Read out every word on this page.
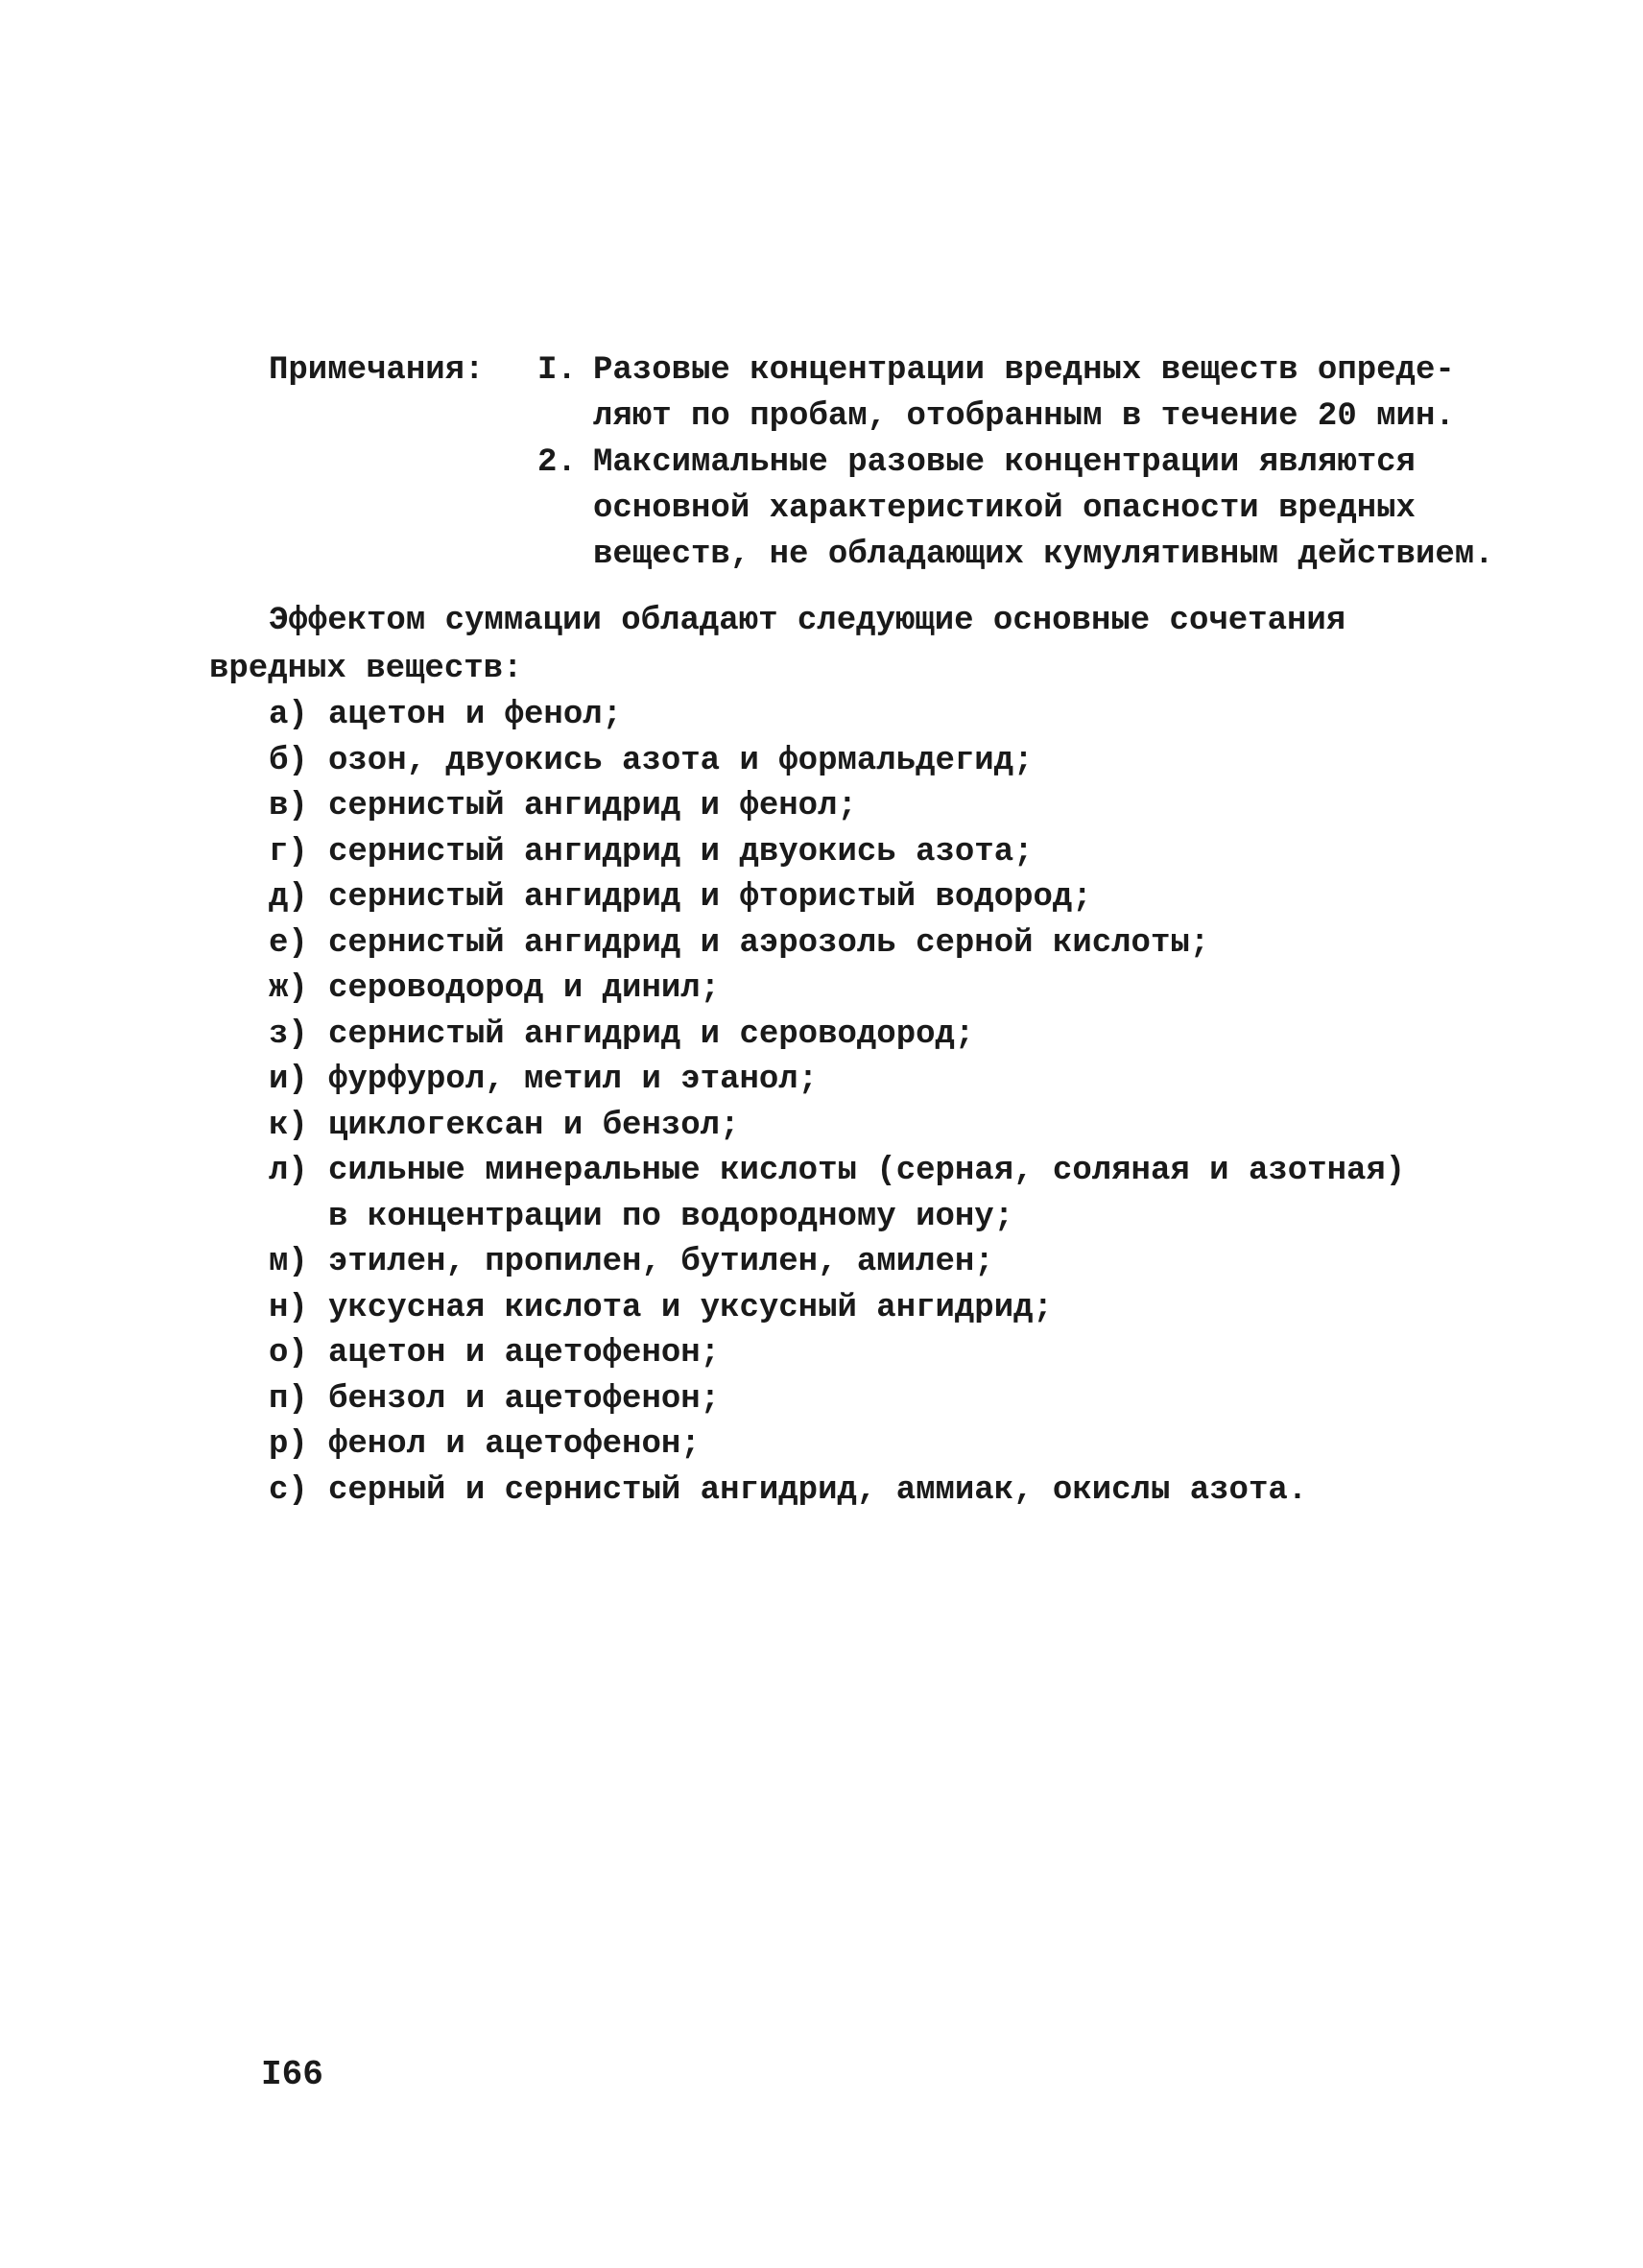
Примечания:	I. Разовые концентрации вредных веществ опреде-
ляют по пробам, отобранным в течение 20 мин.
2. Максимальные разовые концентрации являются
основной характеристикой опасности вредных
веществ, не обладающих кумулятивным действием.
Эффектом суммации обладают следующие основные сочетания
вредных веществ:
а) ацетон и фенол;
б) озон, двуокись азота и формальдегид;
в) сернистый ангидрид и фенол;
г) сернистый ангидрид и двуокись азота;
д) сернистый ангидрид и фтористый водород;
е) сернистый ангидрид и аэрозоль серной кислоты;
ж) сероводород и динил;
з) сернистый ангидрид и сероводород;
и) фурфурол, метил и этанол;
к) циклогексан и бензол;
л) сильные минеральные кислоты (серная, соляная и азотная)
в концентрации по водородному иону;
м) этилен, пропилен, бутилен, амилен;
н) уксусная кислота и уксусный ангидрид;
о) ацетон и ацетофенон;
п) бензол и ацетофенон;
р) фенол и ацетофенон;
с) серный и сернистый ангидрид, аммиак, окислы азота.
I66
